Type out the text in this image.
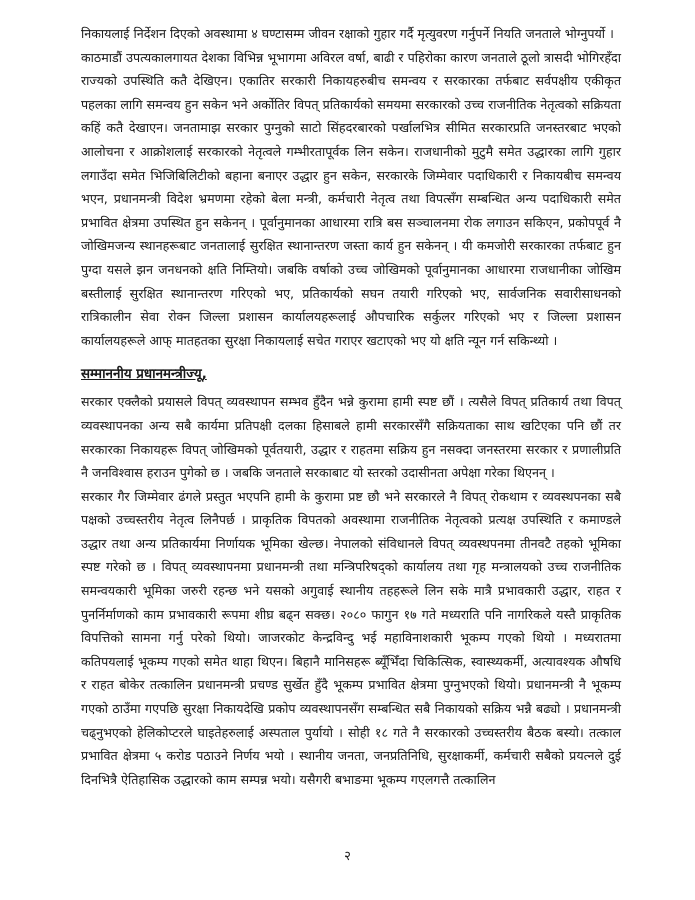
निकायलाई निर्देशन दिएको अवस्थामा ४ घण्टासम्म जीवन रक्षाको गुहार गर्दै मृत्युवरण गर्नुपर्ने नियति जनताले भोग्नुपर्यो ।

काठमाडौं उपत्यकालगायत देशका विभिन्न भूभागमा अविरल वर्षा, बाढी र पहिरोका कारण जनताले ठूलो त्रासदी भोगिरहँदा राज्यको उपस्थिति कतै देखिएन। एकातिर सरकारी निकायहरुबीच समन्वय र सरकारका तर्फबाट सर्वपक्षीय एकीकृत पहलका लागि समन्वय हुन सकेन भने अर्कोतिर विपत् प्रतिकार्यको समयमा सरकारको उच्च राजनीतिक नेतृत्वको सक्रियता कहिं कतै देखाएन। जनतामाझ सरकार पुग्नुको साटो सिंहदरबारको पर्खालभित्र सीमित सरकारप्रति जनस्तरबाट भएको आलोचना र आक्रोशलाई सरकारको नेतृत्वले गम्भीरतापूर्वक लिन सकेन। राजधानीको मुटुमै समेत उद्धारका लागि गुहार लगाउँदा समेत भिजिबिलिटीको बहाना बनाएर उद्धार हुन सकेन, सरकारके जिम्मेवार पदाधिकारी र निकायबीच समन्वय भएन, प्रधानमन्त्री विदेश भ्रमणमा रहेको बेला मन्त्री, कर्मचारी नेतृत्व तथा विपत्सँग सम्बन्धित अन्य पदाधिकारी समेत प्रभावित क्षेत्रमा उपस्थित हुन सकेनन् । पूर्वानुमानका आधारमा रात्रि बस सञ्चालनमा रोक लगाउन सकिएन, प्रकोपपूर्व नै जोखिमजन्य स्थानहरूबाट जनतालाई सुरक्षित स्थानान्तरण जस्ता कार्य हुन सकेनन् । यी कमजोरी सरकारका तर्फबाट हुन पुग्दा यसले झन जनधनको क्षति निम्तियो। जबकि वर्षाको उच्च जोखिमको पूर्वानुमानका आधारमा राजधानीका जोखिम बस्तीलाई सुरक्षित स्थानान्तरण गरिएको भए, प्रतिकार्यको सघन तयारी गरिएको भए, सार्वजनिक सवारीसाधनको रात्रिकालीन सेवा रोक्न जिल्ला प्रशासन कार्यालयहरूलाई औपचारिक सर्कुलर गरिएको भए र जिल्ला प्रशासन कार्यालयहरूले आफ् मातहतका सुरक्षा निकायलाई सचेत गराएर खटाएको भए यो क्षति न्यून गर्न सकिन्थ्यो ।

सम्माननीय प्रधानमन्त्रीज्यू,

सरकार एक्लैको प्रयासले विपत् व्यवस्थापन सम्भव हुँदैन भन्ने कुरामा हामी स्पष्ट छौं । त्यसैले विपत् प्रतिकार्य तथा विपत् व्यवस्थापनका अन्य सबै कार्यमा प्रतिपक्षी दलका हिसाबले हामी सरकारसँगै सक्रियताका साथ खटिएका पनि छौं तर सरकारका निकायहरू विपत् जोखिमको पूर्वतयारी, उद्धार र राहतमा सक्रिय हुन नसक्दा जनस्तरमा सरकार र प्रणालीप्रति नै जनविश्वास हराउन पुगेको छ । जबकि जनताले सरकाबाट यो स्तरको उदासीनता अपेक्षा गरेका थिएनन् ।

सरकार गैर जिम्मेवार ढंगले प्रस्तुत भएपनि हामी के कुरामा प्रष्ट छौ भने सरकारले नै विपत् रोकथाम र व्यवस्थपनका सबै पक्षको उच्चस्तरीय नेतृत्व लिनैपर्छ । प्राकृतिक विपतको अवस्थामा राजनीतिक नेतृत्वको प्रत्यक्ष उपस्थिति र कमाण्डले उद्धार तथा अन्य प्रतिकार्यमा निर्णायक भूमिका खेल्छ। नेपालको संविधानले विपत् व्यवस्थपनमा तीनवटै तहको भूमिका स्पष्ट गरेको छ । विपत् व्यवस्थापनमा प्रधानमन्त्री तथा मन्त्रिपरिषद्को कार्यालय तथा गृह मन्त्रालयको उच्च राजनीतिक समन्वयकारी भूमिका जरुरी रहन्छ भने यसको अगुवाई स्थानीय तहहरूले लिन सके मात्रै प्रभावकारी उद्धार, राहत र पुनर्निर्माणको काम प्रभावकारी रूपमा शीघ्र बढ्न सक्छ। २०८० फागुन १७ गते मध्यराति पनि नागरिकले यस्तै प्राकृतिक विपत्तिको सामना गर्नु परेको थियो। जाजरकोट केन्द्रविन्दु भई महाविनाशकारी भूकम्प गएको थियो । मध्यरातमा कतिपयलाई भूकम्प गएको समेत थाहा थिएन। बिहानै मानिसहरू ब्यूँभिँदा चिकित्सिक, स्वास्थ्यकर्मी, अत्यावश्यक औषधि र राहत बोकेर तत्कालिन प्रधानमन्त्री प्रचण्ड सुर्खेत हुँदै भूकम्प प्रभावित क्षेत्रमा पुग्नुभएको थियो। प्रधानमन्त्री नै भूकम्प गएको ठाउँमा गएपछि सुरक्षा निकायदेखि प्रकोप व्यवस्थापनसँग सम्बन्धित सबै निकायको सक्रिय भन्नै बढ्यो । प्रधानमन्त्री चढ्नुभएको हेलिकोप्टरले घाइतेहरुलाई अस्पताल पुर्यायो । सोही १८ गते नै सरकारको उच्चस्तरीय बैठक बस्यो। तत्काल प्रभावित क्षेत्रमा ५ करोड पठाउने निर्णय भयो । स्थानीय जनता, जनप्रतिनिधि, सुरक्षाकर्मी, कर्मचारी सबैको प्रयत्नले दुई दिनभित्रै ऐतिहासिक उद्धारको काम सम्पन्न भयो। यसैगरी बभाङमा भूकम्प गएलगत्तै तत्कालिन

२
